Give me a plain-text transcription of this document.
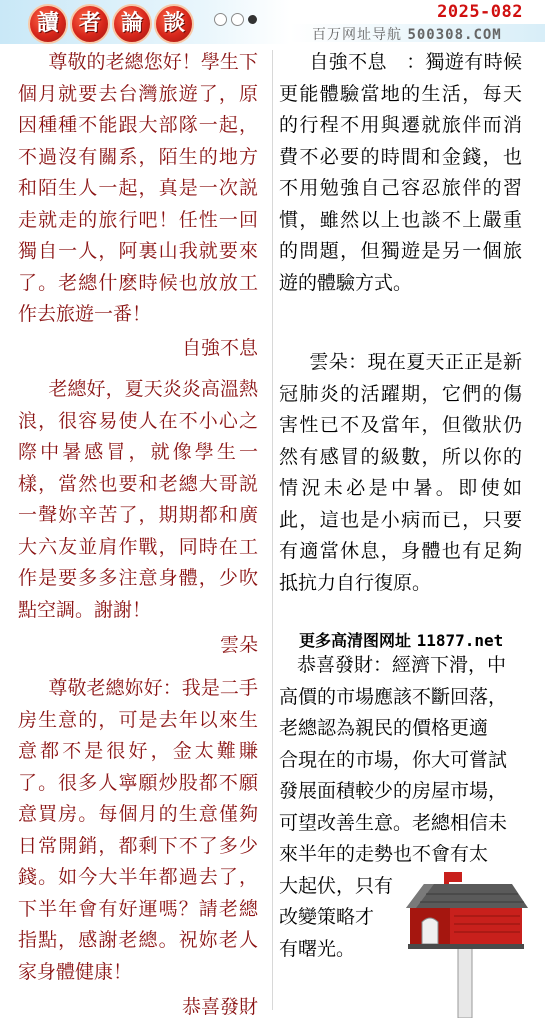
讀 者 論 談	2025-082
百万网址导航 500308.COM

尊敬的老總您好！學生下個月就要去台灣旅遊了，原因種種不能跟大部隊一起，不過沒有關系，陌生的地方和陌生人一起，真是一次説走就走的旅行吧！任性一回獨自一人，阿裏山我就要來了。老總什麽時候也放放工作去旅遊一番！

自強不息

老總好，夏天炎炎高溫熱浪，很容易使人在不小心之際中暑感冒，就像學生一樣，當然也要和老總大哥説一聲妳辛苦了，期期都和廣大六友並肩作戰，同時在工作是要多多注意身體，少吹點空調。謝謝！

雲朵

尊敬老總妳好：我是二手房生意的，可是去年以來生意都不是很好，金太難賺了。很多人寧願炒股都不願意買房。每個月的生意僅夠日常開銷，都剩下不了多少錢。如今大半年都過去了，下半年會有好運嗎？請老總指點，感謝老總。祝妳老人家身體健康！

恭喜發財

自強不息　：獨遊有時候更能體驗當地的生活，每天的行程不用與遷就旅伴而消費不必要的時間和金錢，也不用勉強自己容忍旅伴的習慣，雖然以上也談不上嚴重的問題，但獨遊是另一個旅遊的體驗方式。

雲朵：現在夏天正正是新冠肺炎的活躍期，它們的傷害性已不及當年，但徵狀仍然有感冒的級數，所以你的情況未必是中暑。即使如此，這也是小病而已，只要有適當休息，身體也有足夠抵抗力自行復原。

更多高清图网址 11877.net

恭喜發財：經濟下滑，中

高價的市場應該不斷回落，

老總認為親民的價格更適

合現在的市場，你大可嘗試

發展面積較少的房屋市場，

可望改善生意。老總相信未

來半年的走勢也不會有太

大起伏，只有

改變策略才

有曙光。
